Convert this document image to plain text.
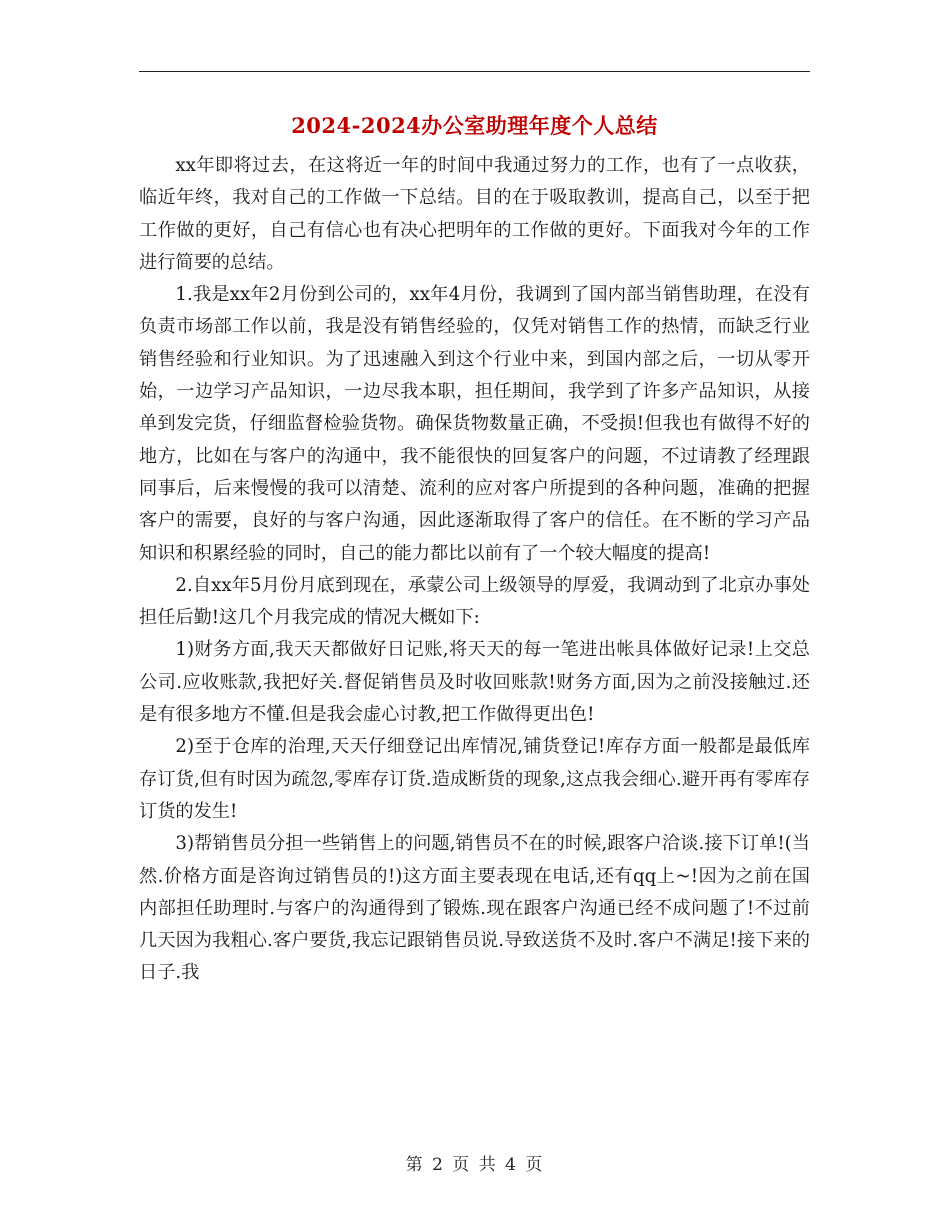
2024-2024办公室助理年度个人总结

xx年即将过去，在这将近一年的时间中我通过努力的工作，也有了一点收获，临近年终，我对自己的工作做一下总结。目的在于吸取教训，提高自己，以至于把工作做的更好，自己有信心也有决心把明年的工作做的更好。下面我对今年的工作进行简要的总结。

1.我是xx年2月份到公司的，xx年4月份，我调到了国内部当销售助理，在没有负责市场部工作以前，我是没有销售经验的，仅凭对销售工作的热情，而缺乏行业销售经验和行业知识。为了迅速融入到这个行业中来，到国内部之后，一切从零开始，一边学习产品知识，一边尽我本职，担任期间，我学到了许多产品知识，从接单到发完货，仔细监督检验货物。确保货物数量正确，不受损!但我也有做得不好的地方，比如在与客户的沟通中，我不能很快的回复客户的问题，不过请教了经理跟同事后，后来慢慢的我可以清楚、流利的应对客户所提到的各种问题，准确的把握客户的需要，良好的与客户沟通，因此逐渐取得了客户的信任。在不断的学习产品知识和积累经验的同时，自己的能力都比以前有了一个较大幅度的提高!

2.自xx年5月份月底到现在，承蒙公司上级领导的厚爱，我调动到了北京办事处担任后勤!这几个月我完成的情况大概如下:

1)财务方面,我天天都做好日记账,将天天的每一笔进出帐具体做好记录!上交总公司.应收账款,我把好关.督促销售员及时收回账款!财务方面,因为之前没接触过.还是有很多地方不懂.但是我会虚心讨教,把工作做得更出色!

2)至于仓库的治理,天天仔细登记出库情况,铺货登记!库存方面一般都是最低库存订货,但有时因为疏忽,零库存订货.造成断货的现象,这点我会细心.避开再有零库存订货的发生!

3)帮销售员分担一些销售上的问题,销售员不在的时候,跟客户洽谈.接下订单!(当然.价格方面是咨询过销售员的!)这方面主要表现在电话,还有qq上~!因为之前在国内部担任助理时.与客户的沟通得到了锻炼.现在跟客户沟通已经不成问题了!不过前几天因为我粗心.客户要货,我忘记跟销售员说.导致送货不及时.客户不满足!接下来的日子.我

第 2 页 共 4 页
